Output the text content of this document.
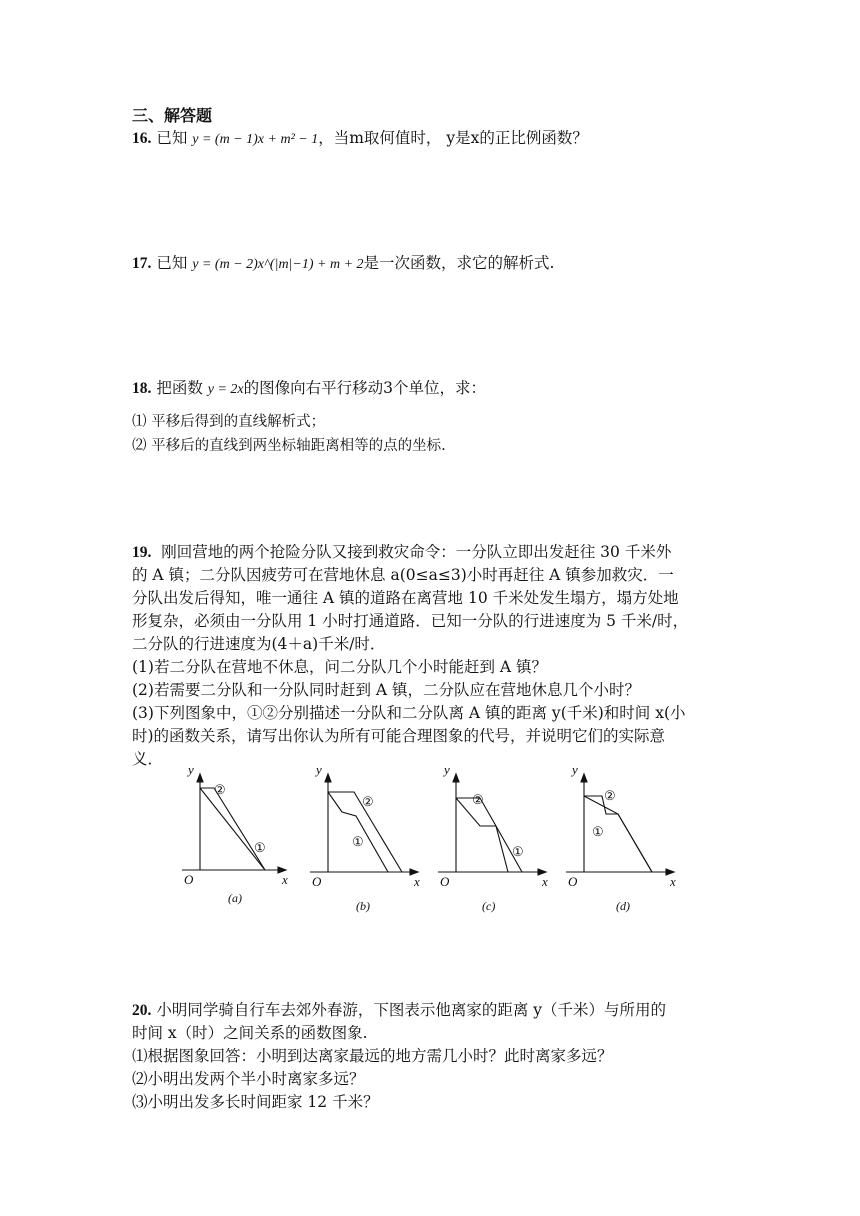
三、解答题
16. 已知 y = (m − 1)x + m² − 1，当m取何值时， y是x的正比例函数？
17. 已知 y = (m − 2)x^(|m|−1) + m + 2是一次函数，求它的解析式.
18. 把函数 y = 2x的图像向右平行移动3个单位，求：
⑴ 平移后得到的直线解析式；
⑵ 平移后的直线到两坐标轴距离相等的点的坐标.

19. 刚回营地的两个抢险分队又接到救灾命令：一分队立即出发赶往 30 千米外

的 A 镇；二分队因疲劳可在营地休息 a(0≤a≤3)小时再赶往 A 镇参加救灾．一

分队出发后得知，唯一通往 A 镇的道路在离营地 10 千米处发生塌方，塌方处地

形复杂，必须由一分队用 1 小时打通道路．已知一分队的行进速度为 5 千米/时，

二分队的行进速度为(4＋a)千米/时．

(1)若二分队在营地不休息，问二分队几个小时能赶到 A 镇？

(2)若需要二分队和一分队同时赶到 A 镇，二分队应在营地休息几个小时？

(3)下列图象中，①②分别描述一分队和二分队离 A 镇的距离 y(千米)和时间 x(小

时)的函数关系，请写出你认为所有可能合理图象的代号，并说明它们的实际意

义．

y
x
O
②
①
(a)
y
x
O
②
①
(b)
y
x
O
②
①
(c)
y
x
O
②
①
(d)

20. 小明同学骑自行车去郊外春游，下图表示他离家的距离 y（千米）与所用的

时间 x（时）之间关系的函数图象.

⑴根据图象回答：小明到达离家最远的地方需几小时？此时离家多远？

⑵小明出发两个半小时离家多远？

⑶小明出发多长时间距家 12 千米？
